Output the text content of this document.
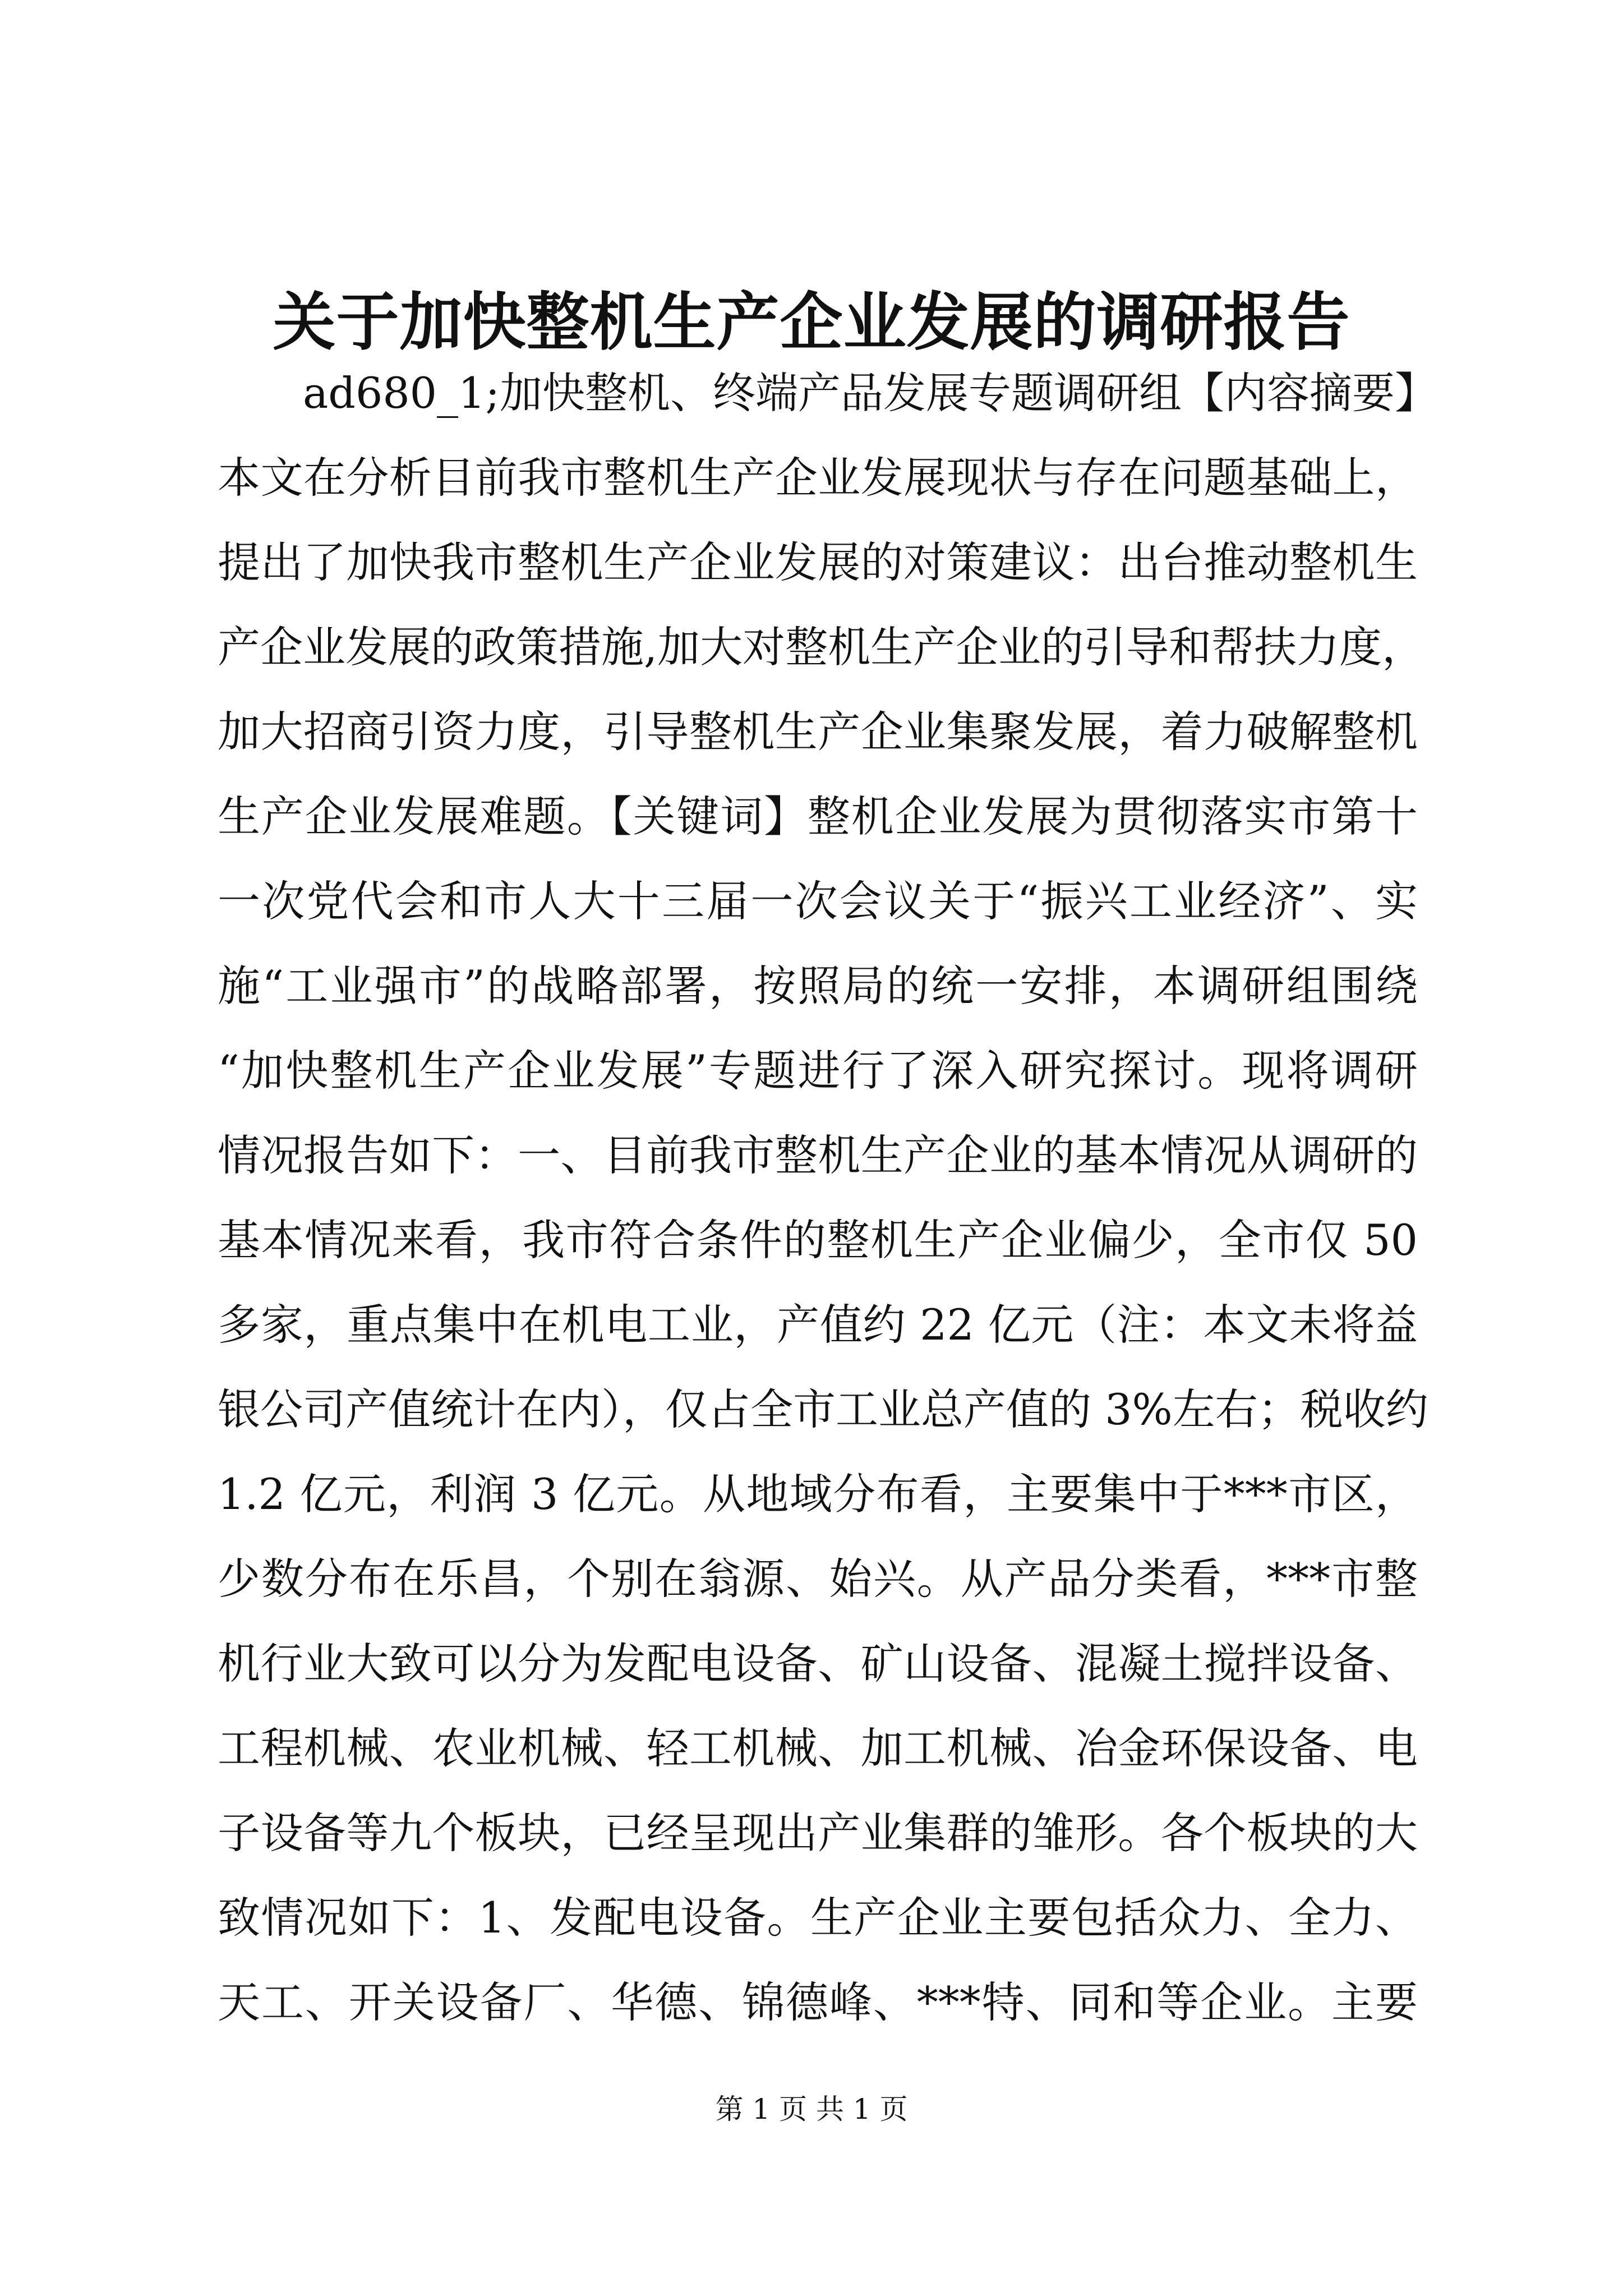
关于加快整机生产企业发展的调研报告
ad680_1;加快整机、终端产品发展专题调研组【内容摘要】
本文在分析目前我市整机生产企业发展现状与存在问题基础上，
提出了加快我市整机生产企业发展的对策建议：出台推动整机生
产企业发展的政策措施,加大对整机生产企业的引导和帮扶力度，
加大招商引资力度，引导整机生产企业集聚发展，着力破解整机
生产企业发展难题。【关键词】整机企业发展为贯彻落实市第十
一次党代会和市人大十三届一次会议关于“振兴工业经济”、实
施“工业强市”的战略部署，按照局的统一安排，本调研组围绕
“加快整机生产企业发展”专题进行了深入研究探讨。现将调研
情况报告如下：一、目前我市整机生产企业的基本情况从调研的
基本情况来看，我市符合条件的整机生产企业偏少，全市仅 50
多家，重点集中在机电工业，产值约 22 亿元（注：本文未将益
银公司产值统计在内），仅占全市工业总产值的 3%左右；税收约
1.2 亿元，利润 3 亿元。从地域分布看，主要集中于***市区，
少数分布在乐昌，个别在翁源、始兴。从产品分类看，***市整
机行业大致可以分为发配电设备、矿山设备、混凝土搅拌设备、
工程机械、农业机械、轻工机械、加工机械、冶金环保设备、电
子设备等九个板块，已经呈现出产业集群的雏形。各个板块的大
致情况如下：1、发配电设备。生产企业主要包括众力、全力、
天工、开关设备厂、华德、锦德峰、***特、同和等企业。主要
第 1 页 共 1 页
